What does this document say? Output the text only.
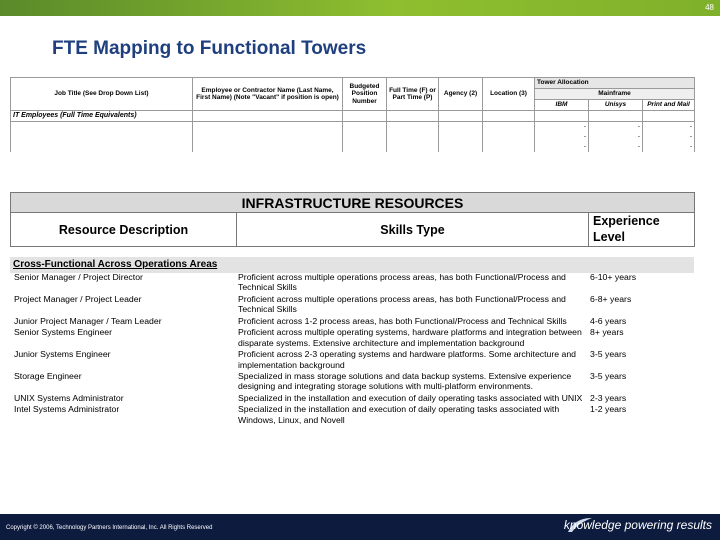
48
FTE Mapping to Functional Towers
Job Title (See Drop Down List)	Employee or Contractor Name (Last Name, First Name) (Note "Vacant" if position is open)	Budgeted Position Number	Full Time (F) or Part Time (P)	Agency (2)	Location (3)	Tower Allocation		
						Mainframe		
						IBM	Unisys	Print and Mail
IT Employees (Full Time Equivalents)								
						-	-	-
						-	-	-
						-	-	-
INFRASTRUCTURE RESOURCES
Resource Description	Skills Type	Experience Level
Cross-Functional Across Operations Areas
Senior Manager / Project Director	Proficient across multiple operations process areas, has both Functional/Process and Technical Skills	6-10+ years
Project Manager / Project Leader	Proficient across multiple operations process areas, has both Functional/Process and Technical Skills	6-8+ years
Junior Project Manager / Team Leader	Proficient across 1-2 process areas, has both Functional/Process and Technical Skills	4-6 years
Senior Systems Engineer	Proficient across multiple operating systems, hardware platforms and integration between disparate systems. Extensive architecture and implementation background	8+ years
Junior Systems Engineer	Proficient across 2-3 operating systems and hardware platforms. Some architecture and implementation background	3-5 years
Storage Engineer	Specialized in mass storage solutions and data backup systems. Extensive experience designing and integrating storage solutions with multi-platform environments.	3-5 years
UNIX Systems Administrator	Specialized in the installation and execution of daily operating tasks associated with UNIX	2-3 years
Intel Systems Administrator	Specialized in the installation and execution of daily operating tasks associated with Windows, Linux, and Novell	1-2 years
Copyright © 2006, Technology Partners International, Inc. All Rights Reserved	knowledge powering results
